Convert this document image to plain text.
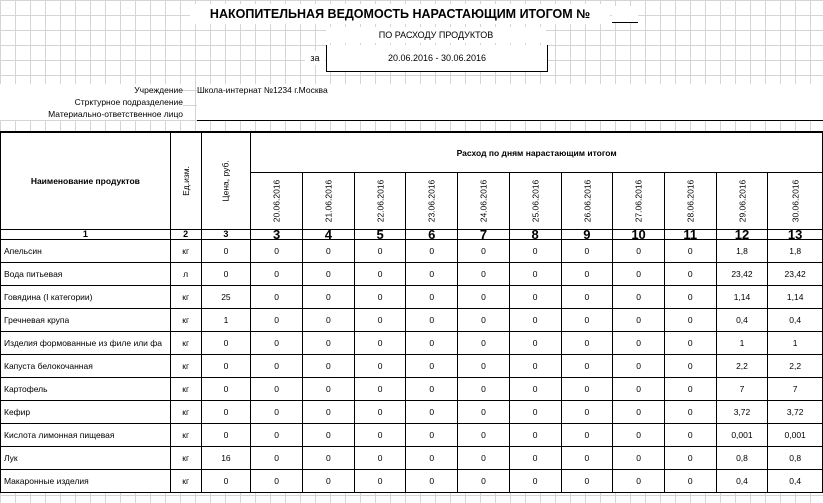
НАКОПИТЕЛЬНАЯ ВЕДОМОСТЬ НАРАСТАЮЩИМ ИТОГОМ №
ПО РАСХОДУ ПРОДУКТОВ
за	20.06.2016 - 30.06.2016
Учреждение Школа-интернат №1234 г.Москва
Стрктурное подразделение
Материально-ответственное лицо
Наименование продуктов	Ед.изм.	Цена, руб.	Расход по дням нарастающим итогом										

			20.06.2016	21.06.2016	22.06.2016	23.06.2016	24.06.2016	25.06.2016	26.06.2016	27.06.2016	28.06.2016	29.06.2016	30.06.2016

1	2	3	3	4	5	6	7	8	9	10	11	12	13
Апельсин	кг	0	0	0	0	0	0	0	0	0	0	1,8	1,8
Вода питьевая	л	0	0	0	0	0	0	0	0	0	0	23,42	23,42
Говядина (I категории)	кг	25	0	0	0	0	0	0	0	0	0	1,14	1,14
Гречневая крупа	кг	1	0	0	0	0	0	0	0	0	0	0,4	0,4
Изделия формованные из филе или фа	кг	0	0	0	0	0	0	0	0	0	0	1	1
Капуста белокочанная	кг	0	0	0	0	0	0	0	0	0	0	2,2	2,2
Картофель	кг	0	0	0	0	0	0	0	0	0	0	7	7
Кефир	кг	0	0	0	0	0	0	0	0	0	0	3,72	3,72
Кислота лимонная пищевая	кг	0	0	0	0	0	0	0	0	0	0	0,001	0,001
Лук	кг	16	0	0	0	0	0	0	0	0	0	0,8	0,8
Макаронные изделия	кг	0	0	0	0	0	0	0	0	0	0	0,4	0,4
